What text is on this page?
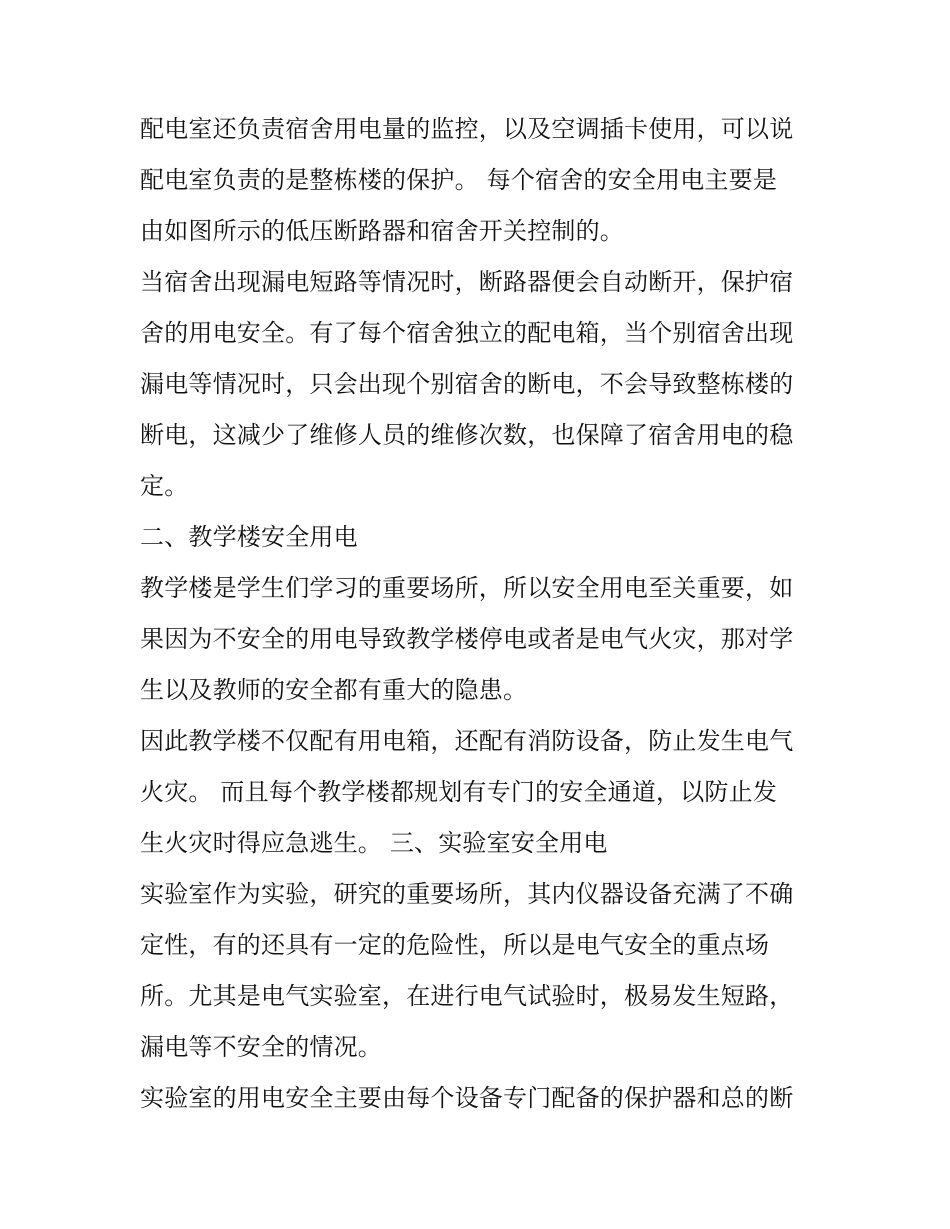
配电室还负责宿舍用电量的监控，以及空调插卡使用，可以说
配电室负责的是整栋楼的保护。 每个宿舍的安全用电主要是
由如图所示的低压断路器和宿舍开关控制的。
当宿舍出现漏电短路等情况时，断路器便会自动断开，保护宿
舍的用电安全。有了每个宿舍独立的配电箱，当个别宿舍出现
漏电等情况时，只会出现个别宿舍的断电，不会导致整栋楼的
断电，这减少了维修人员的维修次数，也保障了宿舍用电的稳
定。
二、教学楼安全用电
教学楼是学生们学习的重要场所，所以安全用电至关重要，如
果因为不安全的用电导致教学楼停电或者是电气火灾，那对学
生以及教师的安全都有重大的隐患。
因此教学楼不仅配有用电箱，还配有消防设备，防止发生电气
火灾。 而且每个教学楼都规划有专门的安全通道，以防止发
生火灾时得应急逃生。 三、实验室安全用电
实验室作为实验，研究的重要场所，其内仪器设备充满了不确
定性，有的还具有一定的危险性，所以是电气安全的重点场
所。尤其是电气实验室，在进行电气试验时，极易发生短路，
漏电等不安全的情况。
实验室的用电安全主要由每个设备专门配备的保护器和总的断
